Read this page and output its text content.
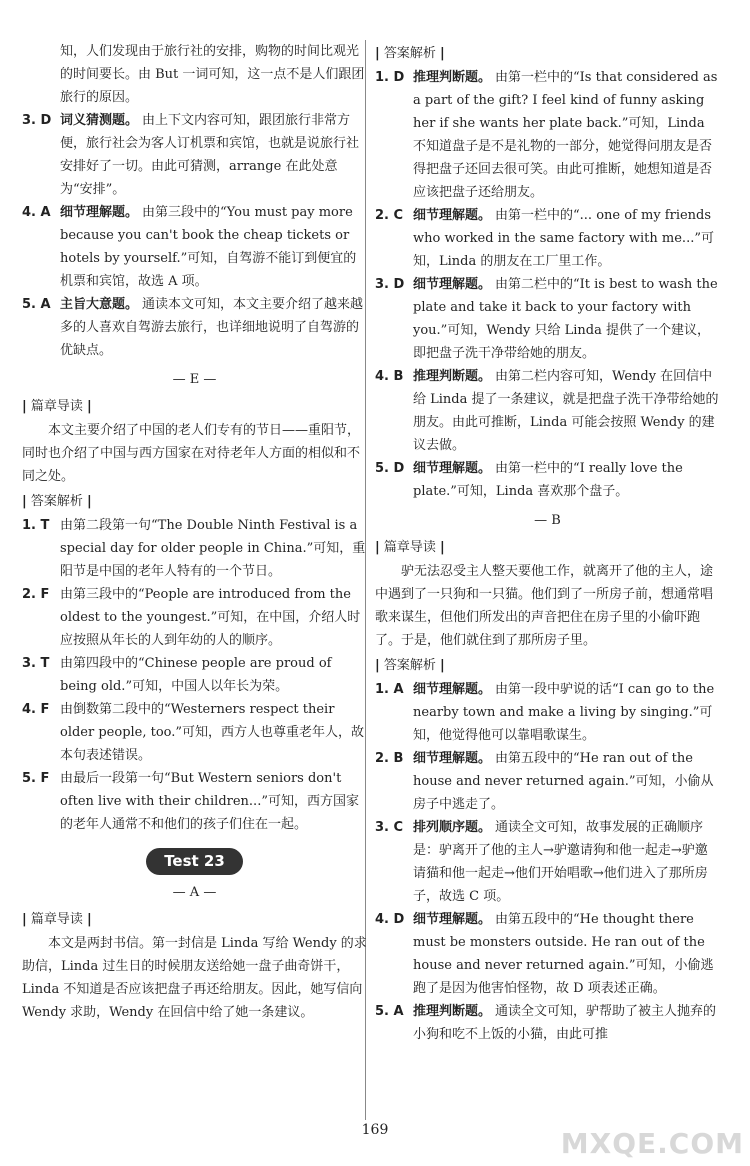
知，人们发现由于旅行社的安排，购物的时间比观光的时间要长。由 But 一词可知，这一点不是人们跟团旅行的原因。

3. D 词义猜测题。 由上下文内容可知，跟团旅行非常方便，旅行社会为客人订机票和宾馆，也就是说旅行社安排好了一切。由此可猜测，arrange 在此处意为“安排”。

4. A 细节理解题。 由第三段中的“You must pay more because you can't book the cheap tickets or hotels by yourself.”可知，自驾游不能订到便宜的机票和宾馆，故选 A 项。

5. A 主旨大意题。 通读本文可知，本文主要介绍了越来越多的人喜欢自驾游去旅行，也详细地说明了自驾游的优缺点。

— E —

| 篇章导读 |

本文主要介绍了中国的老人们专有的节日——重阳节，同时也介绍了中国与西方国家在对待老年人方面的相似和不同之处。

| 答案解析 |
1. T 由第二段第一句“The Double Ninth Festival is a special day for older people in China.”可知，重阳节是中国的老年人特有的一个节日。

2. F 由第三段中的“People are introduced from the oldest to the youngest.”可知，在中国，介绍人时应按照从年长的人到年幼的人的顺序。

3. T 由第四段中的“Chinese people are proud of being old.”可知，中国人以年长为荣。

4. F 由倒数第二段中的“Westerners respect their older people, too.”可知，西方人也尊重老年人，故本句表述错误。

5. F 由最后一段第一句“But Western seniors don't often live with their children...”可知，西方国家的老年人通常不和他们的孩子们住在一起。

Test 23

— A —

| 篇章导读 |

本文是两封书信。第一封信是 Linda 写给 Wendy 的求助信，Linda 过生日的时候朋友送给她一盘子曲奇饼干，Linda 不知道是否应该把盘子再还给朋友。因此，她写信向 Wendy 求助，Wendy 在回信中给了她一条建议。

| 答案解析 |
1. D 推理判断题。 由第一栏中的“Is that considered as a part of the gift? I feel kind of funny asking her if she wants her plate back.”可知，Linda 不知道盘子是不是礼物的一部分，她觉得问朋友是否得把盘子还回去很可笑。由此可推断，她想知道是否应该把盘子还给朋友。

2. C 细节理解题。 由第一栏中的“... one of my friends who worked in the same factory with me...”可知，Linda 的朋友在工厂里工作。

3. D 细节理解题。 由第二栏中的“It is best to wash the plate and take it back to your factory with you.”可知，Wendy 只给 Linda 提供了一个建议，即把盘子洗干净带给她的朋友。

4. B 推理判断题。 由第二栏内容可知，Wendy 在回信中给 Linda 提了一条建议，就是把盘子洗干净带给她的朋友。由此可推断，Linda 可能会按照 Wendy 的建议去做。

5. D 细节理解题。 由第一栏中的“I really love the plate.”可知，Linda 喜欢那个盘子。

— B

| 篇章导读 |

驴无法忍受主人整天要他工作，就离开了他的主人，途中遇到了一只狗和一只猫。他们到了一所房子前，想通常唱歌来谋生，但他们所发出的声音把住在房子里的小偷吓跑了。于是，他们就住到了那所房子里。

| 答案解析 |
1. A 细节理解题。 由第一段中驴说的话“I can go to the nearby town and make a living by singing.”可知，他觉得他可以靠唱歌谋生。

2. B 细节理解题。 由第五段中的“He ran out of the house and never returned again.”可知，小偷从房子中逃走了。

3. C 排列顺序题。 通读全文可知，故事发展的正确顺序是：驴离开了他的主人→驴邀请狗和他一起走→驴邀请猫和他一起走→他们开始唱歌→他们进入了那所房子，故选 C 项。

4. D 细节理解题。 由第五段中的“He thought there must be monsters outside. He ran out of the house and never returned again.”可知，小偷逃跑了是因为他害怕怪物，故 D 项表述正确。

5. A 推理判断题。 通读全文可知，驴帮助了被主人抛弃的小狗和吃不上饭的小猫，由此可推

169	MXQE.COM
